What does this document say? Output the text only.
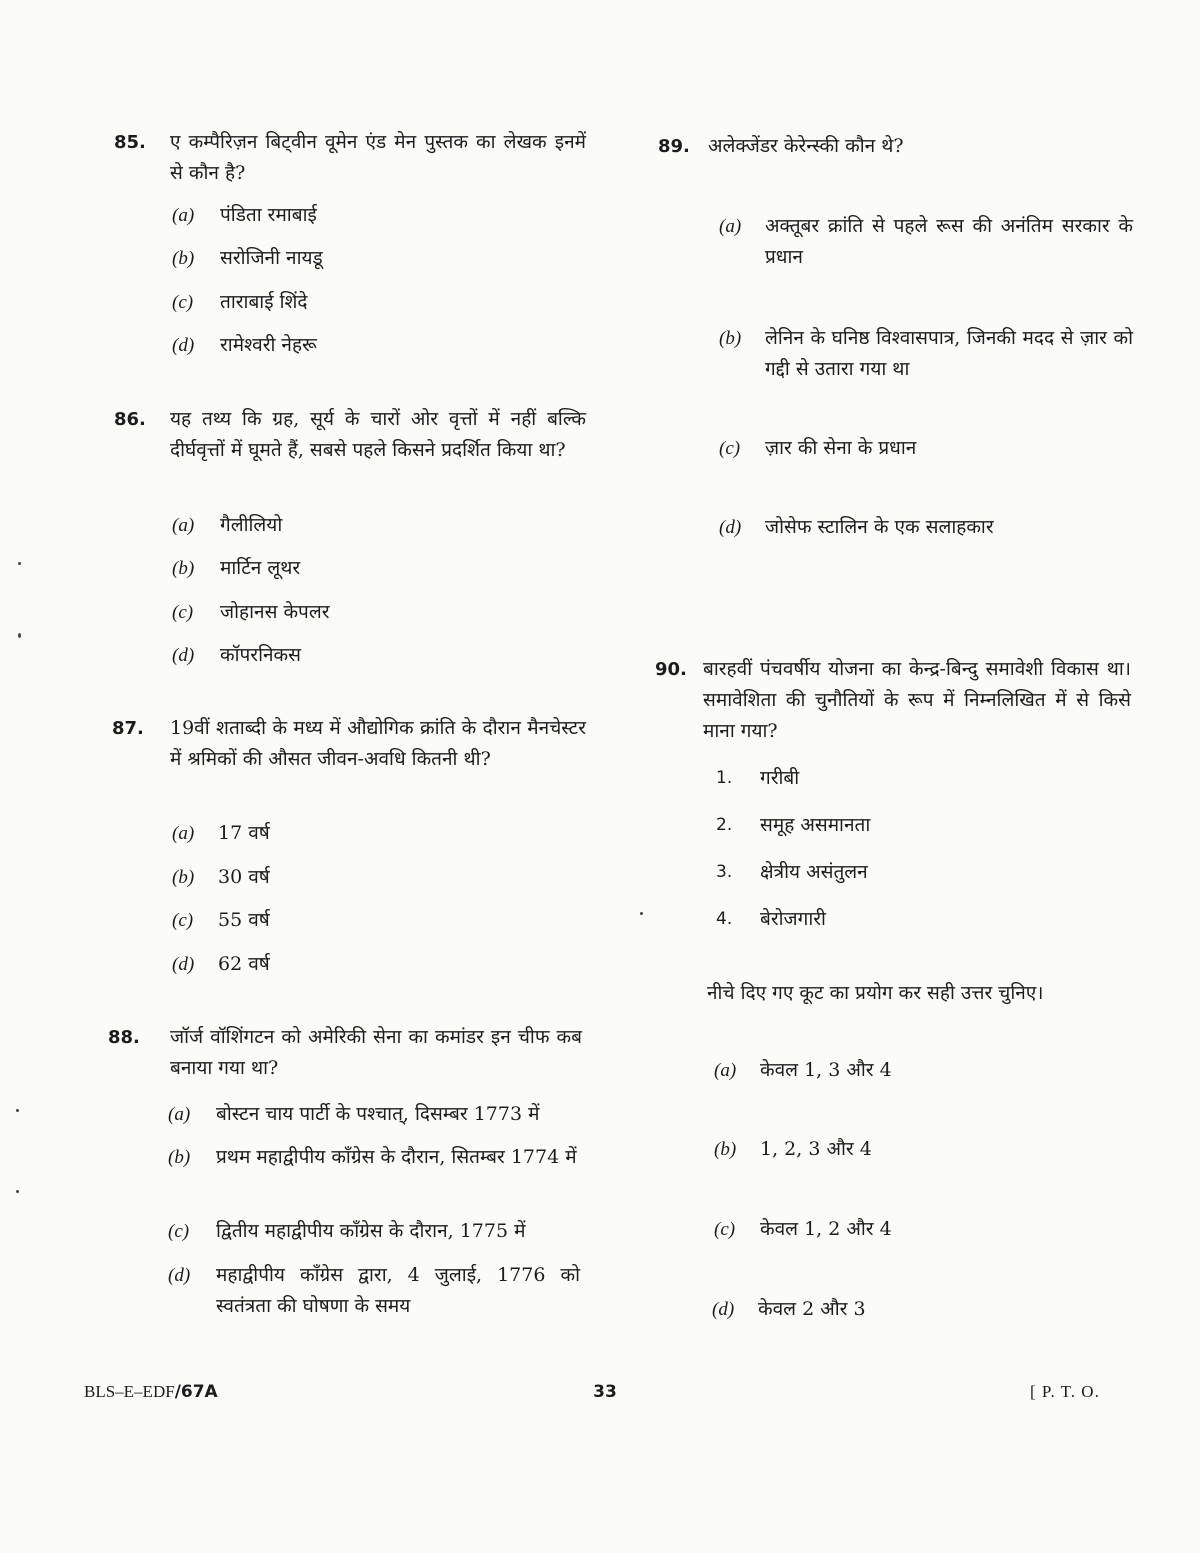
85. ए कम्पैरिज़न बिट्वीन वूमेन एंड मेन पुस्तक का लेखक इनमें से कौन है?
(a) पंडिता रमाबाई
(b) सरोजिनी नायडू
(c) ताराबाई शिंदे
(d) रामेश्वरी नेहरू
86. यह तथ्य कि ग्रह, सूर्य के चारों ओर वृत्तों में नहीं बल्कि दीर्घवृत्तों में घूमते हैं, सबसे पहले किसने प्रदर्शित किया था?
(a) गैलीलियो
(b) मार्टिन लूथर
(c) जोहानस केपलर
(d) कॉपरनिकस
87. 19वीं शताब्दी के मध्य में औद्योगिक क्रांति के दौरान मैनचेस्टर में श्रमिकों की औसत जीवन-अवधि कितनी थी?
(a) 17 वर्ष
(b) 30 वर्ष
(c) 55 वर्ष
(d) 62 वर्ष
88. जॉर्ज वॉशिंगटन को अमेरिकी सेना का कमांडर इन चीफ कब बनाया गया था?
(a) बोस्टन चाय पार्टी के पश्चात्, दिसम्बर 1773 में
(b) प्रथम महाद्वीपीय कॉंग्रेस के दौरान, सितम्बर 1774 में
(c) द्वितीय महाद्वीपीय कॉंग्रेस के दौरान, 1775 में
(d) महाद्वीपीय कॉंग्रेस द्वारा, 4 जुलाई, 1776 को स्वतंत्रता की घोषणा के समय
89. अलेक्जेंडर केरेन्स्की कौन थे?
(a) अक्तूबर क्रांति से पहले रूस की अनंतिम सरकार के प्रधान
(b) लेनिन के घनिष्ठ विश्वासपात्र, जिनकी मदद से ज़ार को गद्दी से उतारा गया था
(c) ज़ार की सेना के प्रधान
(d) जोसेफ स्टालिन के एक सलाहकार
90. बारहवीं पंचवर्षीय योजना का केन्द्र-बिन्दु समावेशी विकास था। समावेशिता की चुनौतियों के रूप में निम्नलिखित में से किसे माना गया?
1. गरीबी
2. समूह असमानता
3. क्षेत्रीय असंतुलन
4. बेरोजगारी
नीचे दिए गए कूट का प्रयोग कर सही उत्तर चुनिए।
(a) केवल 1, 3 और 4
(b) 1, 2, 3 और 4
(c) केवल 1, 2 और 4
(d) केवल 2 और 3
BLS–E–EDF/67A	33	[ P. T. O.
